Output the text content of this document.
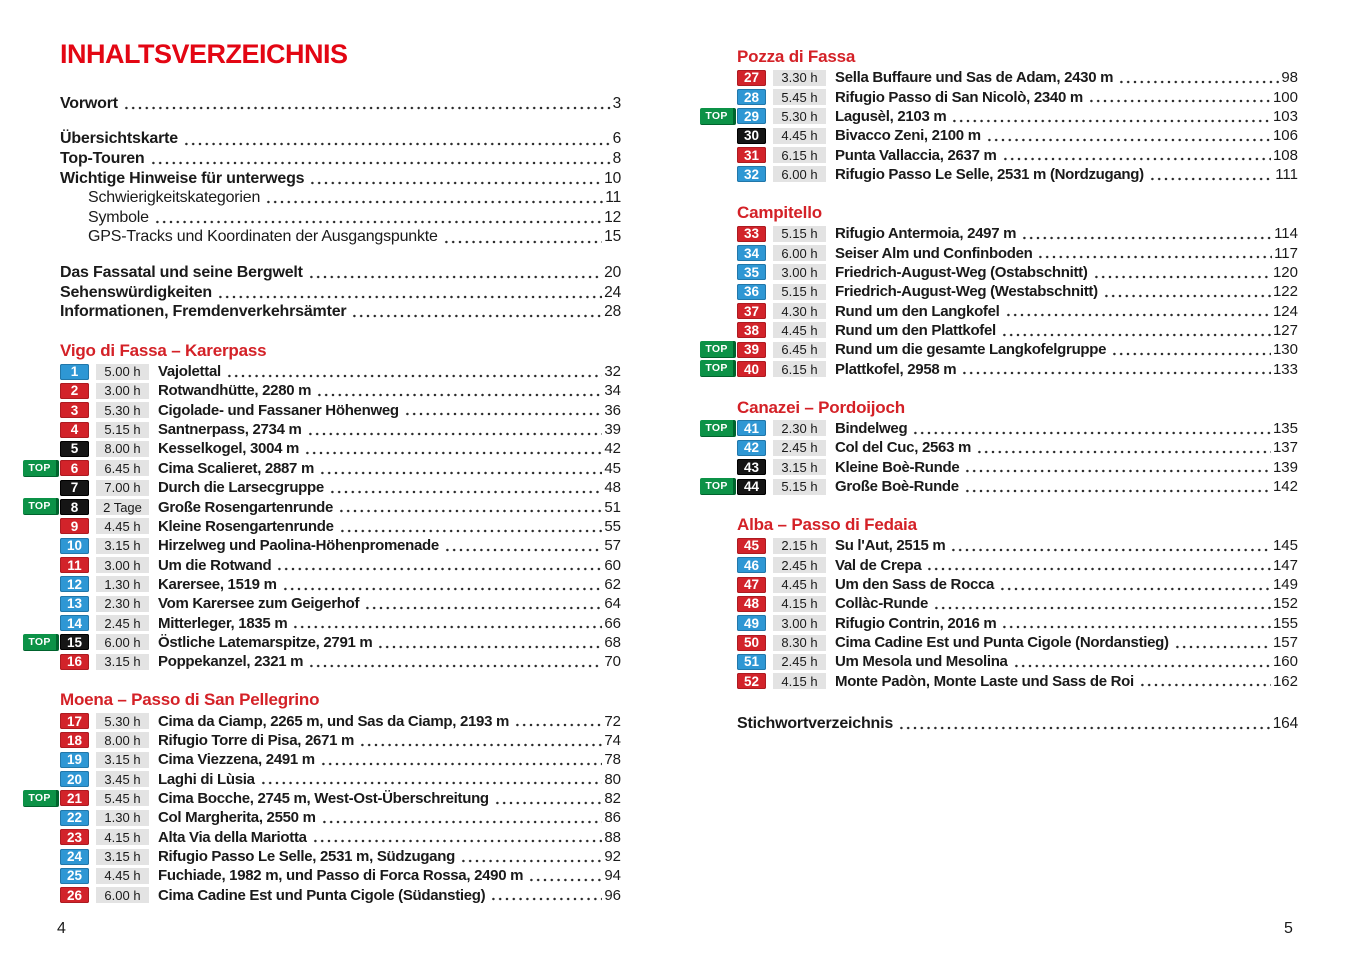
INHALTSVERZEICHNIS
Vorwort	3
Übersichtskarte	6
Top-Touren	8
Wichtige Hinweise für unterwegs	10
Schwierigkeitskategorien	11
Symbole	12
GPS-Tracks und Koordinaten der Ausgangspunkte	15
Das Fassatal und seine Bergwelt	20
Sehenswürdigkeiten	24
Informationen, Fremdenverkehrsämter	28
Vigo di Fassa – Karerpass
1	5.00 h	Vajolettal	32
2	3.00 h	Rotwandhütte, 2280 m	34
3	5.30 h	Cigolade- und Fassaner Höhenweg	36
4	5.15 h	Santnerpass, 2734 m	39
5	8.00 h	Kesselkogel, 3004 m	42
TOP	6	6.45 h	Cima Scalieret, 2887 m	45
7	7.00 h	Durch die Larsecgruppe	48
TOP	8	2 Tage	Große Rosengartenrunde	51
9	4.45 h	Kleine Rosengartenrunde	55
10	3.15 h	Hirzelweg und Paolina-Höhenpromenade	57
11	3.00 h	Um die Rotwand	60
12	1.30 h	Karersee, 1519 m	62
13	2.30 h	Vom Karersee zum Geigerhof	64
14	2.45 h	Mitterleger, 1835 m	66
TOP	15	6.00 h	Östliche Latemarspitze, 2791 m	68
16	3.15 h	Poppekanzel, 2321 m	70
Moena – Passo di San Pellegrino
17	5.30 h	Cima da Ciamp, 2265 m, und Sas da Ciamp, 2193 m	72
18	8.00 h	Rifugio Torre di Pisa, 2671 m	74
19	3.15 h	Cima Viezzena, 2491 m	78
20	3.45 h	Laghi di Lùsia	80
TOP	21	5.45 h	Cima Bocche, 2745 m, West-Ost-Überschreitung	82
22	1.30 h	Col Margherita, 2550 m	86
23	4.15 h	Alta Via della Mariotta	88
24	3.15 h	Rifugio Passo Le Selle, 2531 m, Südzugang	92
25	4.45 h	Fuchiade, 1982 m, und Passo di Forca Rossa, 2490 m	94
26	6.00 h	Cima Cadine Est und Punta Cigole (Südanstieg)	96
Pozza di Fassa
27	3.30 h	Sella Buffaure und Sas de Adam, 2430 m	98
28	5.45 h	Rifugio Passo di San Nicolò, 2340 m	100
TOP	29	5.30 h	Lagusèl, 2103 m	103
30	4.45 h	Bivacco Zeni, 2100 m	106
31	6.15 h	Punta Vallaccia, 2637 m	108
32	6.00 h	Rifugio Passo Le Selle, 2531 m (Nordzugang)	111
Campitello
33	5.15 h	Rifugio Antermoia, 2497 m	114
34	6.00 h	Seiser Alm und Confinboden	117
35	3.00 h	Friedrich-August-Weg (Ostabschnitt)	120
36	5.15 h	Friedrich-August-Weg (Westabschnitt)	122
37	4.30 h	Rund um den Langkofel	124
38	4.45 h	Rund um den Plattkofel	127
TOP	39	6.45 h	Rund um die gesamte Langkofelgruppe	130
TOP	40	6.15 h	Plattkofel, 2958 m	133
Canazei – Pordoijoch
TOP	41	2.30 h	Bindelweg	135
42	2.45 h	Col del Cuc, 2563 m	137
43	3.15 h	Kleine Boè-Runde	139
TOP	44	5.15 h	Große Boè-Runde	142
Alba – Passo di Fedaia
45	2.15 h	Su l'Aut, 2515 m	145
46	2.45 h	Val de Crepa	147
47	4.45 h	Um den Sass de Rocca	149
48	4.15 h	Collàc-Runde	152
49	3.00 h	Rifugio Contrin, 2016 m	155
50	8.30 h	Cima Cadine Est und Punta Cigole (Nordanstieg)	157
51	2.45 h	Um Mesola und Mesolina	160
52	4.15 h	Monte Padòn, Monte Laste und Sass de Roi	162
Stichwortverzeichnis	164
4	5
